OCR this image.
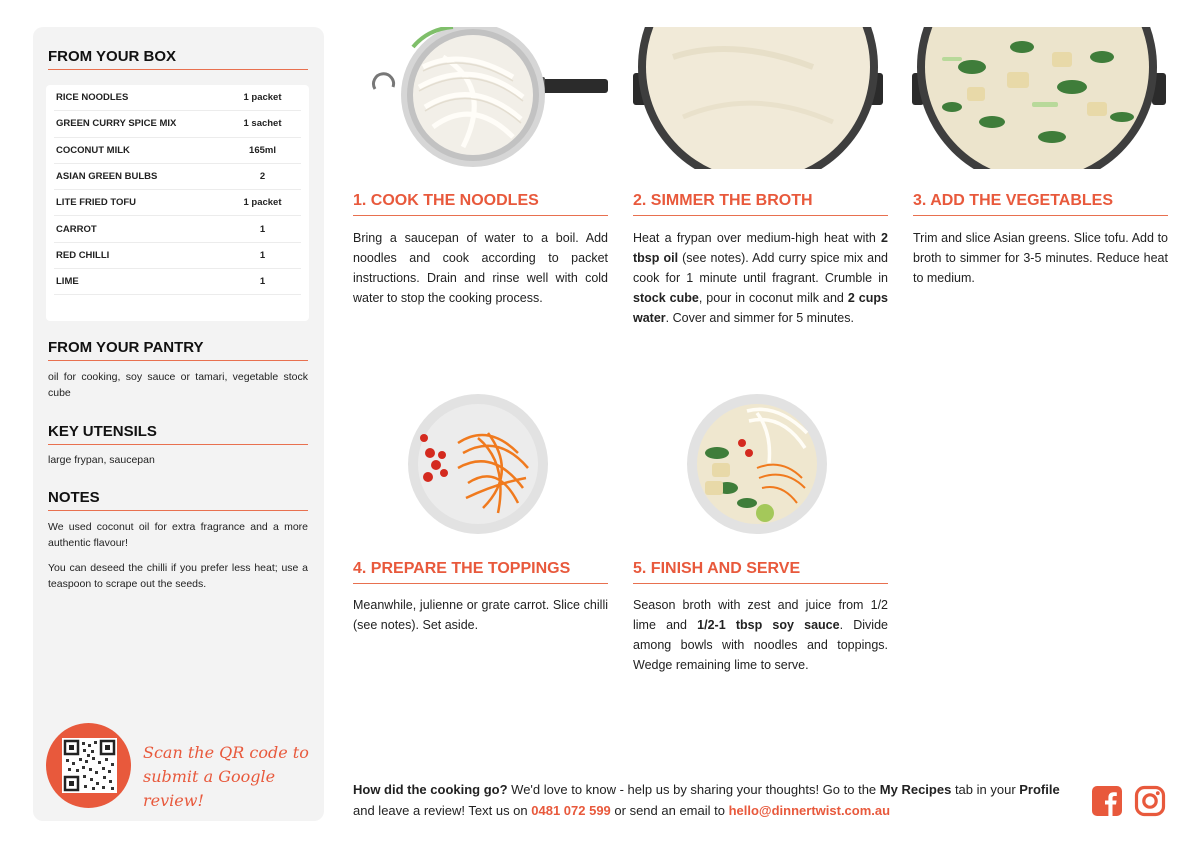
FROM YOUR BOX
RICE NOODLES	1 packet
GREEN CURRY SPICE MIX	1 sachet
COCONUT MILK	165ml
ASIAN GREEN BULBS	2
LITE FRIED TOFU	1 packet
CARROT	1
RED CHILLI	1
LIME	1
FROM YOUR PANTRY
oil for cooking, soy sauce or tamari, vegetable stock cube
KEY UTENSILS
large frypan, saucepan
NOTES
We used coconut oil for extra fragrance and a more authentic flavour!
You can deseed the chilli if you prefer less heat; use a teaspoon to scrape out the seeds.
Scan the QR code to submit a Google review!
1. COOK THE NOODLES
Bring a saucepan of water to a boil. Add noodles and cook according to packet instructions. Drain and rinse well with cold water to stop the cooking process.
2. SIMMER THE BROTH
Heat a frypan over medium-high heat with 2 tbsp oil (see notes). Add curry spice mix and cook for 1 minute until fragrant. Crumble in stock cube, pour in coconut milk and 2 cups water. Cover and simmer for 5 minutes.
3. ADD THE VEGETABLES
Trim and slice Asian greens. Slice tofu. Add to broth to simmer for 3-5 minutes. Reduce heat to medium.
4. PREPARE THE TOPPINGS
Meanwhile, julienne or grate carrot. Slice chilli (see notes). Set aside.
5. FINISH AND SERVE
Season broth with zest and juice from 1/2 lime and 1/2-1 tbsp soy sauce. Divide among bowls with noodles and toppings. Wedge remaining lime to serve.
How did the cooking go? We'd love to know - help us by sharing your thoughts! Go to the My Recipes tab in your Profile and leave a review! Text us on 0481 072 599 or send an email to hello@dinnertwist.com.au
